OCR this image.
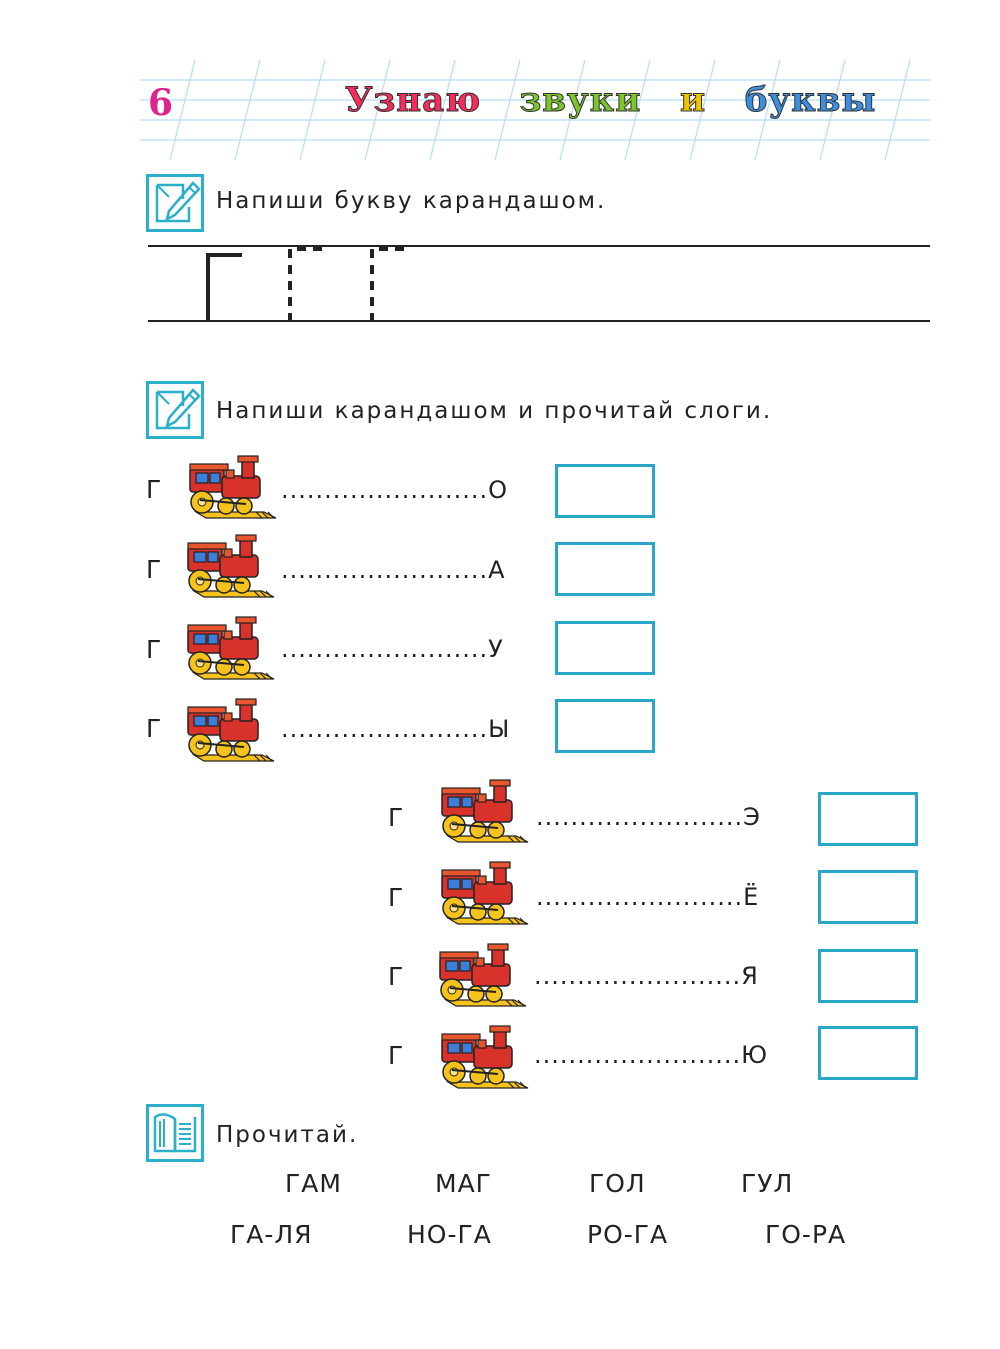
6	Узнаю звуки и буквы
Напиши букву карандашом.
Напиши карандашом и прочитай слоги.
Г	........................О
Г	........................А
Г	........................У
Г	........................Ы
Г	........................Э
Г	........................Ё
Г	........................Я
Г	........................Ю
Прочитай.
ГАМ	МАГ	ГОЛ	ГУЛ
ГА-ЛЯ	НО-ГА	РО-ГА	ГО-РА
